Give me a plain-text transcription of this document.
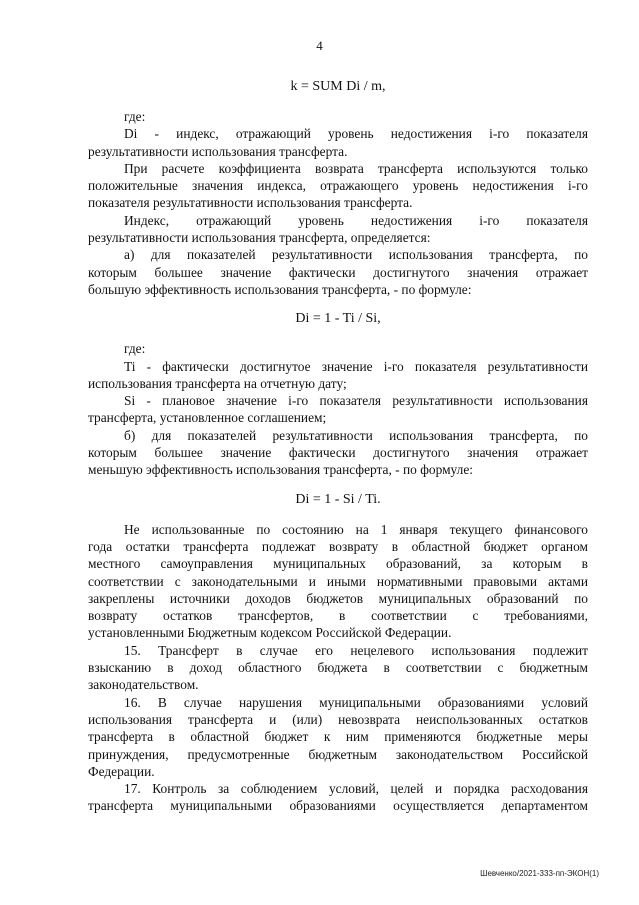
4
k = SUM Di / m,
где:
Di - индекс, отражающий уровень недостижения i-го показателя
результативности использования трансферта.
При расчете коэффициента возврата трансферта используются только
положительные значения индекса, отражающего уровень недостижения i-го
показателя результативности использования трансферта.
Индекс, отражающий уровень недостижения i-го показателя
результативности использования трансферта, определяется:
а) для показателей результативности использования трансферта, по
которым большее значение фактически достигнутого значения отражает
большую эффективность использования трансферта, - по формуле:
Di = 1 - Ti / Si,
где:
Ti - фактически достигнутое значение i-го показателя результативности
использования трансферта на отчетную дату;
Si - плановое значение i-го показателя результативности использования
трансферта, установленное соглашением;
б) для показателей результативности использования трансферта, по
которым большее значение фактически достигнутого значения отражает
меньшую эффективность использования трансферта, - по формуле:
Di = 1 - Si / Ti.
Не использованные по состоянию на 1 января текущего финансового
года остатки трансферта подлежат возврату в областной бюджет органом
местного самоуправления муниципальных образований, за которым в
соответствии с законодательными и иными нормативными правовыми актами
закреплены источники доходов бюджетов муниципальных образований по
возврату остатков трансфертов, в соответствии с требованиями,
установленными Бюджетным кодексом Российской Федерации.
15. Трансферт в случае его нецелевого использования подлежит
взысканию в доход областного бюджета в соответствии с бюджетным
законодательством.
16. В случае нарушения муниципальными образованиями условий
использования трансферта и (или) невозврата неиспользованных остатков
трансферта в областной бюджет к ним применяются бюджетные меры
принуждения, предусмотренные бюджетным законодательством Российской
Федерации.
17. Контроль за соблюдением условий, целей и порядка расходования
трансферта муниципальными образованиями осуществляется департаментом
Шевченко/2021-333-пп-ЭКОН(1)
